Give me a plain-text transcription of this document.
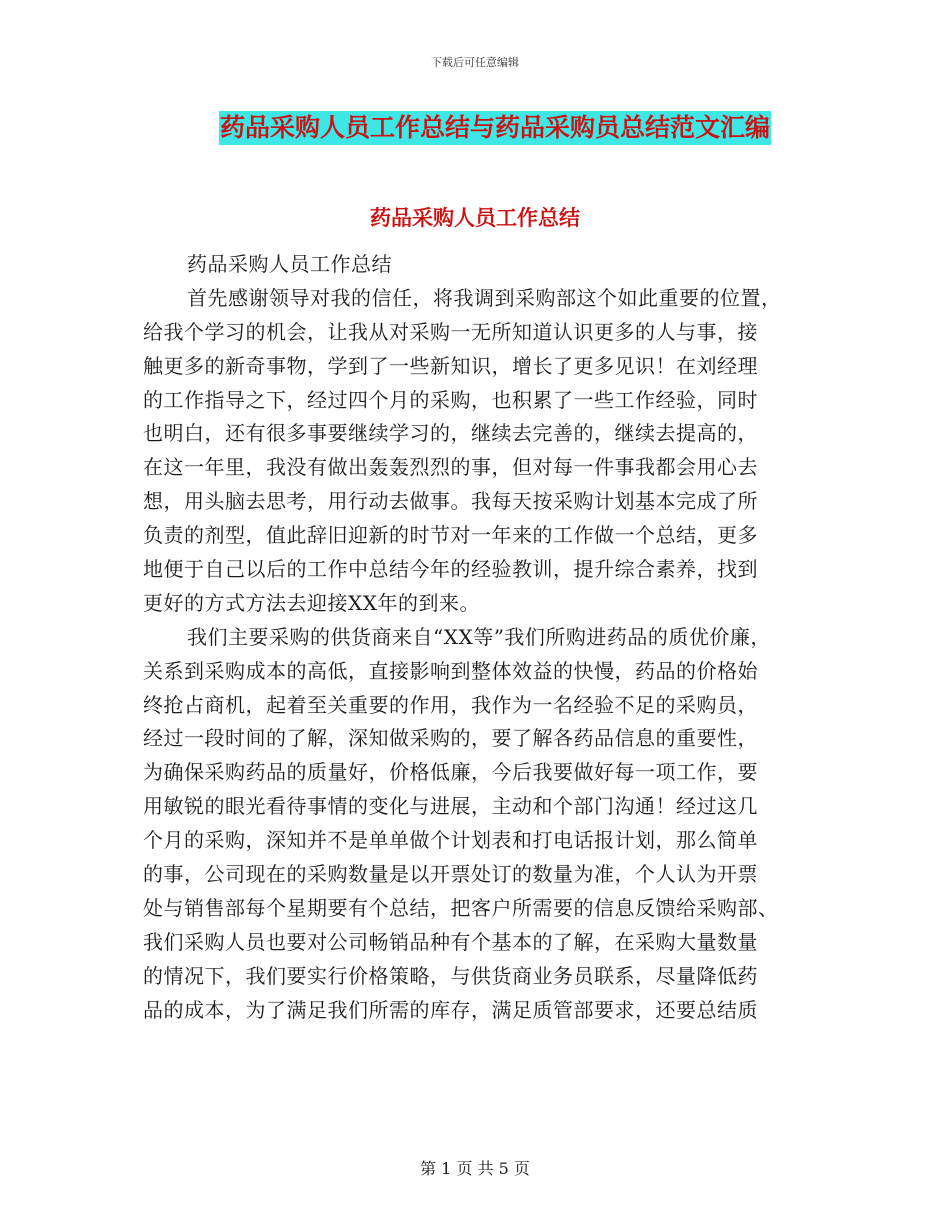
下载后可任意编辑
药品采购人员工作总结与药品采购员总结范文汇编
药品采购人员工作总结
药品采购人员工作总结
首先感谢领导对我的信任，将我调到采购部这个如此重要的位置，
给我个学习的机会，让我从对采购一无所知道认识更多的人与事，接
触更多的新奇事物，学到了一些新知识，增长了更多见识！在刘经理
的工作指导之下，经过四个月的采购，也积累了一些工作经验，同时
也明白，还有很多事要继续学习的，继续去完善的，继续去提高的，
在这一年里，我没有做出轰轰烈烈的事，但对每一件事我都会用心去
想，用头脑去思考，用行动去做事。我每天按采购计划基本完成了所
负责的剂型，值此辞旧迎新的时节对一年来的工作做一个总结，更多
地便于自己以后的工作中总结今年的经验教训，提升综合素养，找到
更好的方式方法去迎接XX年的到来。
我们主要采购的供货商来自“XX等”我们所购进药品的质优价廉，
关系到采购成本的高低，直接影响到整体效益的快慢，药品的价格始
终抢占商机，起着至关重要的作用，我作为一名经验不足的采购员，
经过一段时间的了解，深知做采购的，要了解各药品信息的重要性，
为确保采购药品的质量好，价格低廉，今后我要做好每一项工作，要
用敏锐的眼光看待事情的变化与进展，主动和个部门沟通！经过这几
个月的采购，深知并不是单单做个计划表和打电话报计划，那么简单
的事，公司现在的采购数量是以开票处订的数量为准，个人认为开票
处与销售部每个星期要有个总结，把客户所需要的信息反馈给采购部、
我们采购人员也要对公司畅销品种有个基本的了解，在采购大量数量
的情况下，我们要实行价格策略，与供货商业务员联系，尽量降低药
品的成本，为了满足我们所需的库存，满足质管部要求，还要总结质
第 1 页 共 5 页
